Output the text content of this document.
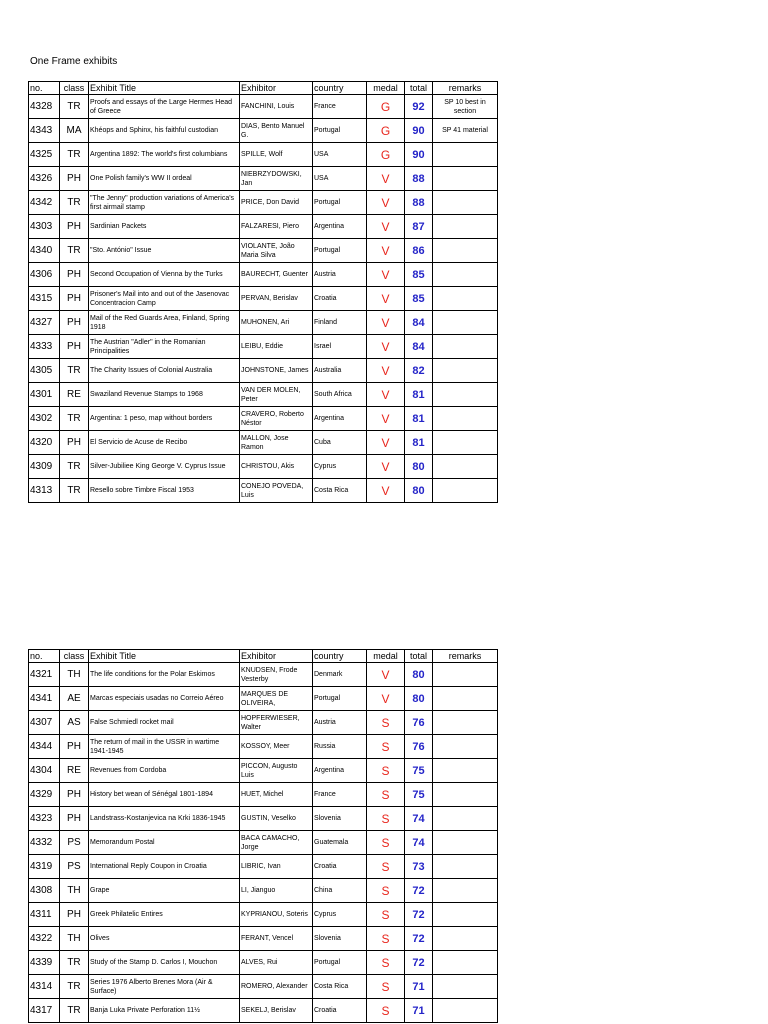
One Frame exhibits
no.	class	Exhibit Title	Exhibitor	country	medal	total	remarks
4328	TR	Proofs and essays of the Large Hermes Head of Greece	FANCHINI, Louis	France	G	92	SP 10 best in section
4343	MA	Khéops and Sphinx, his faithful custodian	DIAS, Bento Manuel G.	Portugal	G	90	SP 41 material
4325	TR	Argentina 1892: The world's first columbians	SPILLE, Wolf	USA	G	90	
4326	PH	One Polish family's WW II ordeal	NIEBRZYDOWSKI, Jan	USA	V	88	
4342	TR	"The Jenny" production variations of America's first airmail stamp	PRICE, Don David	Portugal	V	88	
4303	PH	Sardinian Packets	FALZARESI, Piero	Argentina	V	87	
4340	TR	"Sto. António" Issue	VIOLANTE, João Maria Silva	Portugal	V	86	
4306	PH	Second Occupation of Vienna by the Turks	BAURECHT, Guenter	Austria	V	85	
4315	PH	Prisoner's Mail into and out of the Jasenovac Concentracion Camp	PERVAN, Berislav	Croatia	V	85	
4327	PH	Mail of the Red Guards Area, Finland, Spring 1918	MUHONEN, Ari	Finland	V	84	
4333	PH	The Austrian "Adler" in the Romanian Principalities	LEIBU, Eddie	Israel	V	84	
4305	TR	The Charity Issues of Colonial Australia	JOHNSTONE, James	Australia	V	82	
4301	RE	Swaziland Revenue Stamps to 1968	VAN DER MOLEN, Peter	South Africa	V	81	
4302	TR	Argentina: 1 peso, map without borders	CRAVERO, Roberto Néstor	Argentina	V	81	
4320	PH	El Servicio de Acuse de Recibo	MALLON, Jose Ramon	Cuba	V	81	
4309	TR	Silver-Jubiliee King George V. Cyprus Issue	CHRISTOU, Akis	Cyprus	V	80	
4313	TR	Resello sobre Timbre Fiscal 1953	CONEJO POVEDA, Luis	Costa Rica	V	80	
no.	class	Exhibit Title	Exhibitor	country	medal	total	remarks
4321	TH	The life conditions for the Polar Eskimos	KNUDSEN, Frode Vesterby	Denmark	V	80	
4341	AE	Marcas especiais usadas no Correio Aéreo	MARQUES DE OLIVEIRA,	Portugal	V	80	
4307	AS	False Schmiedl rocket mail	HOPFERWIESER, Walter	Austria	S	76	
4344	PH	The return of mail in the USSR in wartime 1941-1945	KOSSOY, Meer	Russia	S	76	
4304	RE	Revenues from Cordoba	PICCON, Augusto Luis	Argentina	S	75	
4329	PH	History bet wean of Sénégal 1801-1894	HUET, Michel	France	S	75	
4323	PH	Landstrass-Kostanjevica na Krki 1836-1945	GUSTIN, Veselko	Slovenia	S	74	
4332	PS	Memorandum Postal	BACA CAMACHO, Jorge	Guatemala	S	74	
4319	PS	International Reply Coupon in Croatia	LIBRIC, Ivan	Croatia	S	73	
4308	TH	Grape	LI, Jianguo	China	S	72	
4311	PH	Greek Philatelic Entires	KYPRIANOU, Soteris	Cyprus	S	72	
4322	TH	Olives	FERANT, Vencel	Slovenia	S	72	
4339	TR	Study of the Stamp D. Carlos I, Mouchon	ALVES, Rui	Portugal	S	72	
4314	TR	Series 1976 Alberto Brenes Mora (Air & Surface)	ROMERO, Alexander	Costa Rica	S	71	
4317	TR	Banja Luka Private Perforation 11½	SEKELJ, Berislav	Croatia	S	71	
